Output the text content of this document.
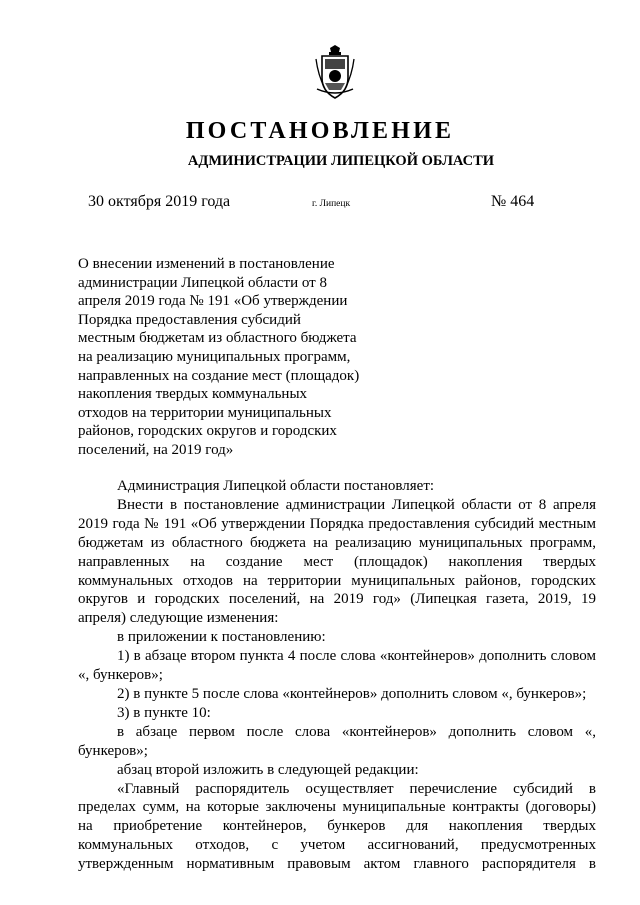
ПОСТАНОВЛЕНИЕ
АДМИНИСТРАЦИИ ЛИПЕЦКОЙ ОБЛАСТИ
30 октября 2019 года	г. Липецк	№ 464
О внесении изменений в постановление
администрации Липецкой области от 8
апреля 2019 года № 191 «Об утверждении
Порядка предоставления субсидий
местным бюджетам из областного бюджета
на реализацию муниципальных программ,
направленных на создание мест (площадок)
накопления твердых коммунальных
отходов на территории муниципальных
районов, городских округов и городских
поселений, на 2019 год»
Администрация Липецкой области постановляет:
Внести в постановление администрации Липецкой области от 8 апреля
2019 года № 191 «Об утверждении Порядка предоставления субсидий местным
бюджетам из областного бюджета на реализацию муниципальных программ,
направленных на создание мест (площадок) накопления твердых
коммунальных отходов на территории муниципальных районов, городских
округов и городских поселений, на 2019 год» (Липецкая газета, 2019, 19
апреля) следующие изменения:
в приложении к постановлению:
1) в абзаце втором пункта 4 после слова «контейнеров» дополнить словом
«, бункеров»;
2) в пункте 5 после слова «контейнеров» дополнить словом «, бункеров»;
3) в пункте 10:
в абзаце первом после слова «контейнеров» дополнить словом «,
бункеров»;
абзац второй изложить в следующей редакции:
«Главный распорядитель осуществляет перечисление субсидий в
пределах сумм, на которые заключены муниципальные контракты (договоры)
на приобретение контейнеров, бункеров для накопления твердых
коммунальных отходов, с учетом ассигнований, предусмотренных
утвержденным нормативным правовым актом главного распорядителя в
